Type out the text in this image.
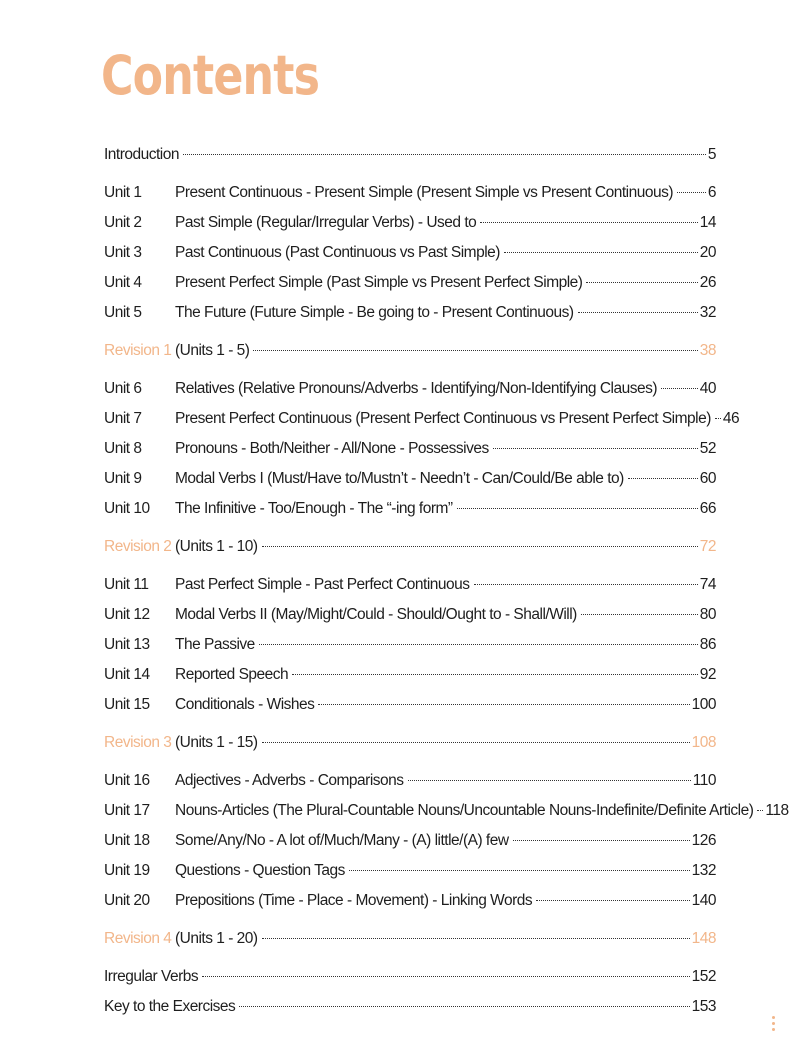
Contents
Introduction	5
Unit 1	Present Continuous - Present Simple (Present Simple vs Present Continuous) 6
Unit 2	Past Simple (Regular/Irregular Verbs) - Used to	14
Unit 3	Past Continuous (Past Continuous vs Past Simple)	20
Unit 4	Present Perfect Simple (Past Simple vs Present Perfect Simple)	26
Unit 5	The Future (Future Simple - Be going to - Present Continuous)	32
Revision 1 (Units 1 - 5)	38
Unit 6	Relatives (Relative Pronouns/Adverbs - Identifying/Non-Identifying Clauses)	40
Unit 7	Present Perfect Continuous (Present Perfect Continuous vs Present Perfect Simple) 46
Unit 8	Pronouns - Both/Neither - All/None - Possessives	52
Unit 9	Modal Verbs I (Must/Have to/Mustn’t - Needn’t - Can/Could/Be able to)	60
Unit 10	The Infinitive - Too/Enough - The “-ing form”	66
Revision 2 (Units 1 - 10)	72
Unit 11	Past Perfect Simple - Past Perfect Continuous	74
Unit 12	Modal Verbs II (May/Might/Could - Should/Ought to - Shall/Will)	80
Unit 13	The Passive	86
Unit 14	Reported Speech	92
Unit 15	Conditionals - Wishes	100
Revision 3 (Units 1 - 15)	108
Unit 16	Adjectives - Adverbs - Comparisons	110
Unit 17	Nouns-Articles (The Plural-Countable Nouns/Uncountable Nouns-Indefinite/Definite Article) 118
Unit 18	Some/Any/No - A lot of/Much/Many - (A) little/(A) few	126
Unit 19	Questions - Question Tags	132
Unit 20	Prepositions (Time - Place - Movement) - Linking Words	140
Revision 4 (Units 1 - 20)	148
Irregular Verbs	152
Key to the Exercises	153
